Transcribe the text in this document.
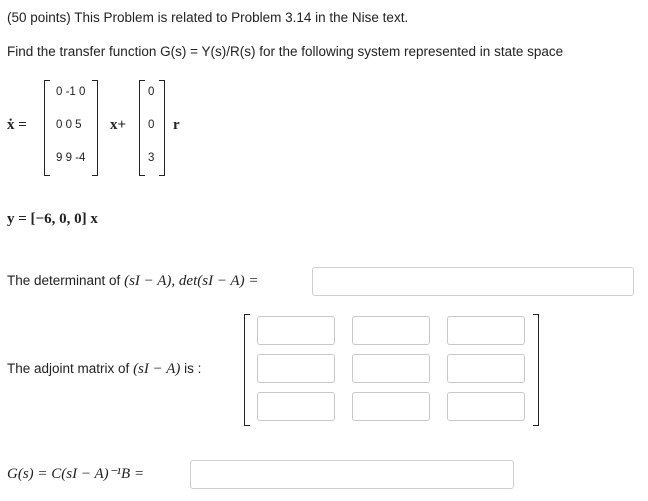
(50 points) This Problem is related to Problem 3.14 in the Nise text.
Find the transfer function G(s) = Y(s)/R(s) for the following system represented in state space
ẋ =
0 -1 0
0 0 5
9 9 -4
x+
0
0
3
r
y = [−6, 0, 0] x
The determinant of (sI − A), det(sI − A) =
The adjoint matrix of (sI − A) is :
G(s) = C(sI − A)⁻¹B =
